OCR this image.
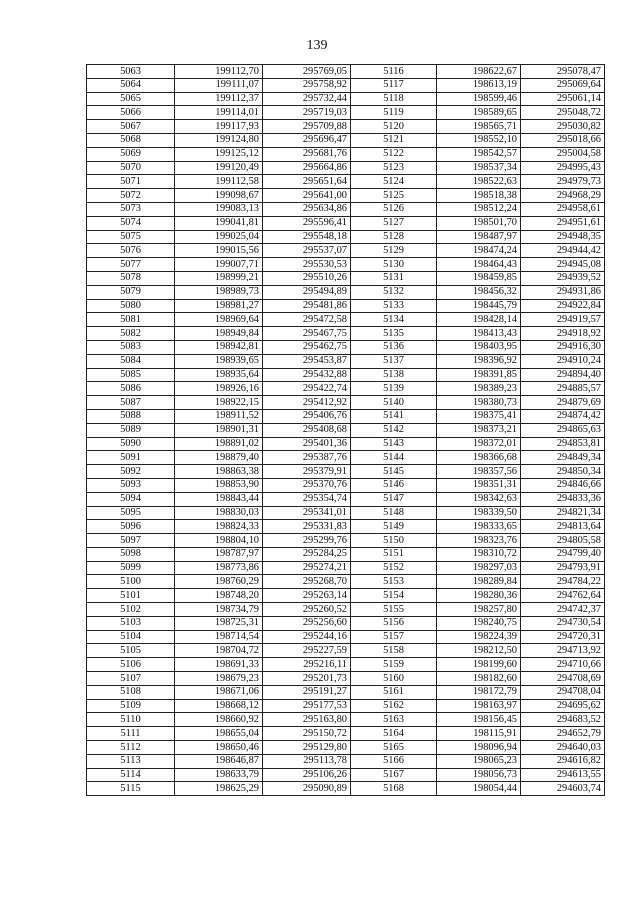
139
5063	199112,70	295769,05	5116	198622,67	295078,47
5064	199111,07	295758,92	5117	198613,19	295069,64
5065	199112,37	295732,44	5118	198599,46	295061,14
5066	199114,01	295719,03	5119	198589,65	295048,72
5067	199117,93	295709,88	5120	198565,71	295030,82
5068	199124,80	295696,47	5121	198552,10	295018,66
5069	199125,12	295681,76	5122	198542,57	295004,58
5070	199120,49	295664,86	5123	198537,34	294995,43
5071	199112,58	295651,64	5124	198522,63	294979,73
5072	199098,67	295641,00	5125	198518,38	294968,29
5073	199083,13	295634,86	5126	198512,24	294958,61
5074	199041,81	295596,41	5127	198501,70	294951,61
5075	199025,04	295548,18	5128	198487,97	294948,35
5076	199015,56	295537,07	5129	198474,24	294944,42
5077	199007,71	295530,53	5130	198464,43	294945,08
5078	198999,21	295510,26	5131	198459,85	294939,52
5079	198989,73	295494,89	5132	198456,32	294931,86
5080	198981,27	295481,86	5133	198445,79	294922,84
5081	198969,64	295472,58	5134	198428,14	294919,57
5082	198949,84	295467,75	5135	198413,43	294918,92
5083	198942,81	295462,75	5136	198403,95	294916,30
5084	198939,65	295453,87	5137	198396,92	294910,24
5085	198935,64	295432,88	5138	198391,85	294894,40
5086	198926,16	295422,74	5139	198389,23	294885,57
5087	198922,15	295412,92	5140	198380,73	294879,69
5088	198911,52	295406,76	5141	198375,41	294874,42
5089	198901,31	295408,68	5142	198373,21	294865,63
5090	198891,02	295401,36	5143	198372,01	294853,81
5091	198879,40	295387,76	5144	198366,68	294849,34
5092	198863,38	295379,91	5145	198357,56	294850,34
5093	198853,90	295370,76	5146	198351,31	294846,66
5094	198843,44	295354,74	5147	198342,63	294833,36
5095	198830,03	295341,01	5148	198339,50	294821,34
5096	198824,33	295331,83	5149	198333,65	294813,64
5097	198804,10	295299,76	5150	198323,76	294805,58
5098	198787,97	295284,25	5151	198310,72	294799,40
5099	198773,86	295274,21	5152	198297,03	294793,91
5100	198760,29	295268,70	5153	198289,84	294784,22
5101	198748,20	295263,14	5154	198280,36	294762,64
5102	198734,79	295260,52	5155	198257,80	294742,37
5103	198725,31	295256,60	5156	198240,75	294730,54
5104	198714,54	295244,16	5157	198224,39	294720,31
5105	198704,72	295227,59	5158	198212,50	294713,92
5106	198691,33	295216,11	5159	198199,60	294710,66
5107	198679,23	295201,73	5160	198182,60	294708,69
5108	198671,06	295191,27	5161	198172,79	294708,04
5109	198668,12	295177,53	5162	198163,97	294695,62
5110	198660,92	295163,80	5163	198156,45	294683,52
5111	198655,04	295150,72	5164	198115,91	294652,79
5112	198650,46	295129,80	5165	198096,94	294640,03
5113	198646,87	295113,78	5166	198065,23	294616,82
5114	198633,79	295106,26	5167	198056,73	294613,55
5115	198625,29	295090,89	5168	198054,44	294603,74
